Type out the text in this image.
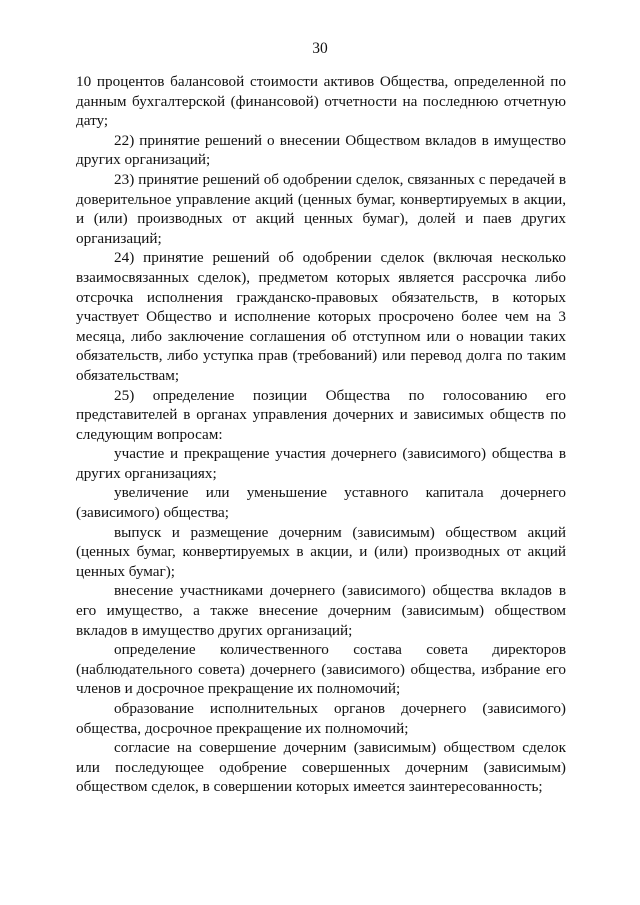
30

10 процентов балансовой стоимости активов Общества, определенной по данным бухгалтерской (финансовой) отчетности на последнюю отчетную дату;

22) принятие решений о внесении Обществом вкладов в имущество других организаций;

23) принятие решений об одобрении сделок, связанных с передачей в доверительное управление акций (ценных бумаг, конвертируемых в акции, и (или) производных от акций ценных бумаг), долей и паев других организаций;

24) принятие решений об одобрении сделок (включая несколько взаимосвязанных сделок), предметом которых является рассрочка либо отсрочка исполнения гражданско-правовых обязательств, в которых участвует Общество и исполнение которых просрочено более чем на 3 месяца, либо заключение соглашения об отступном или о новации таких обязательств, либо уступка прав (требований) или перевод долга по таким обязательствам;

25) определение позиции Общества по голосованию его представителей в органах управления дочерних и зависимых обществ по следующим вопросам:

участие и прекращение участия дочернего (зависимого) общества в других организациях;

увеличение или уменьшение уставного капитала дочернего (зависимого) общества;

выпуск и размещение дочерним (зависимым) обществом акций (ценных бумаг, конвертируемых в акции, и (или) производных от акций ценных бумаг);

внесение участниками дочернего (зависимого) общества вкладов в его имущество, а также внесение дочерним (зависимым) обществом вкладов в имущество других организаций;

определение количественного состава совета директоров (наблюдательного совета) дочернего (зависимого) общества, избрание его членов и досрочное прекращение их полномочий;

образование исполнительных органов дочернего (зависимого) общества, досрочное прекращение их полномочий;

согласие на совершение дочерним (зависимым) обществом сделок или последующее одобрение совершенных дочерним (зависимым) обществом сделок, в совершении которых имеется заинтересованность;
